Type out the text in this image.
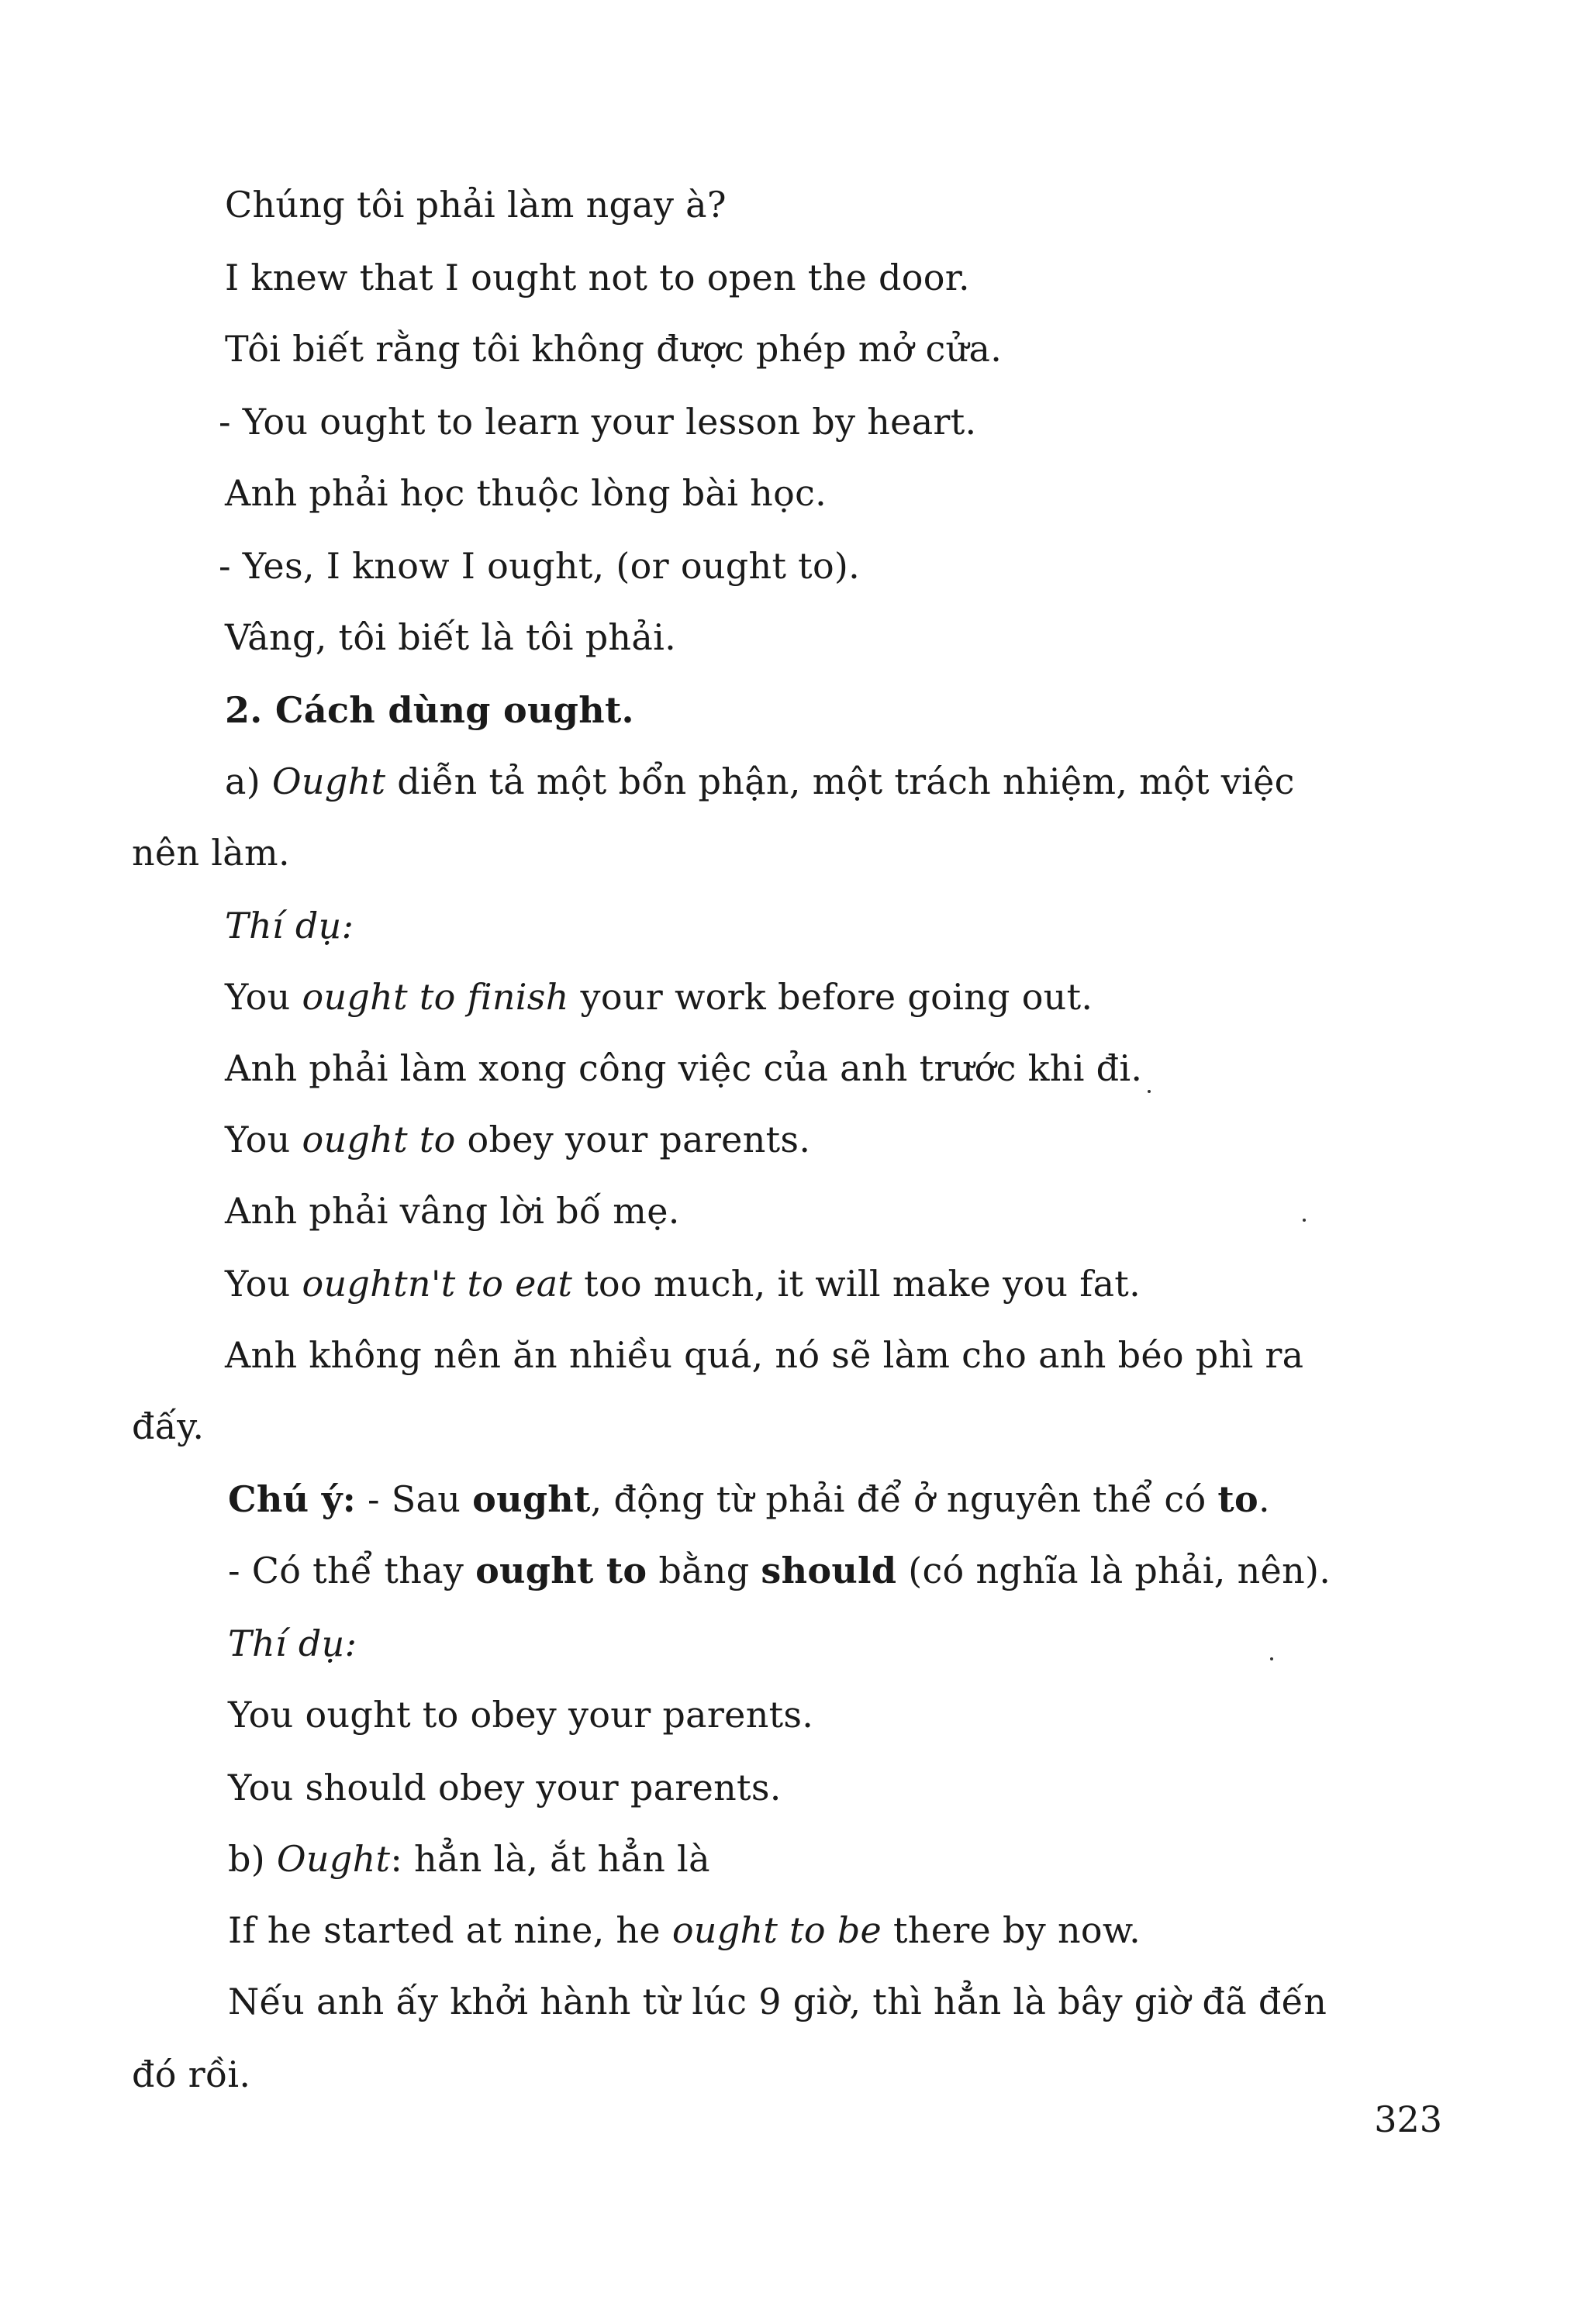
Chúng tôi phải làm ngay à?
I knew that I ought not to open the door.
Tôi biết rằng tôi không được phép mở cửa.
- You ought to learn your lesson by heart.
Anh phải học thuộc lòng bài học.
- Yes, I know I ought, (or ought to).
Vâng, tôi biết là tôi phải.
2. Cách dùng ought.
a) Ought diễn tả một bổn phận, một trách nhiệm, một việc
nên làm.
Thí dụ:
You ought to finish your work before going out.
Anh phải làm xong công việc của anh trước khi đi.
You ought to obey your parents.
Anh phải vâng lời bố mẹ.
You oughtn't to eat too much, it will make you fat.
Anh không nên ăn nhiều quá, nó sẽ làm cho anh béo phì ra
đấy.
Chú ý: - Sau ought, động từ phải để ở nguyên thể có to.
- Có thể thay ought to bằng should (có nghĩa là phải, nên).
Thí dụ:
You ought to obey your parents.
You should obey your parents.
b) Ought: hẳn là, ắt hẳn là
If he started at nine, he ought to be there by now.
Nếu anh ấy khởi hành từ lúc 9 giờ, thì hẳn là bây giờ đã đến
đó rồi.
323
